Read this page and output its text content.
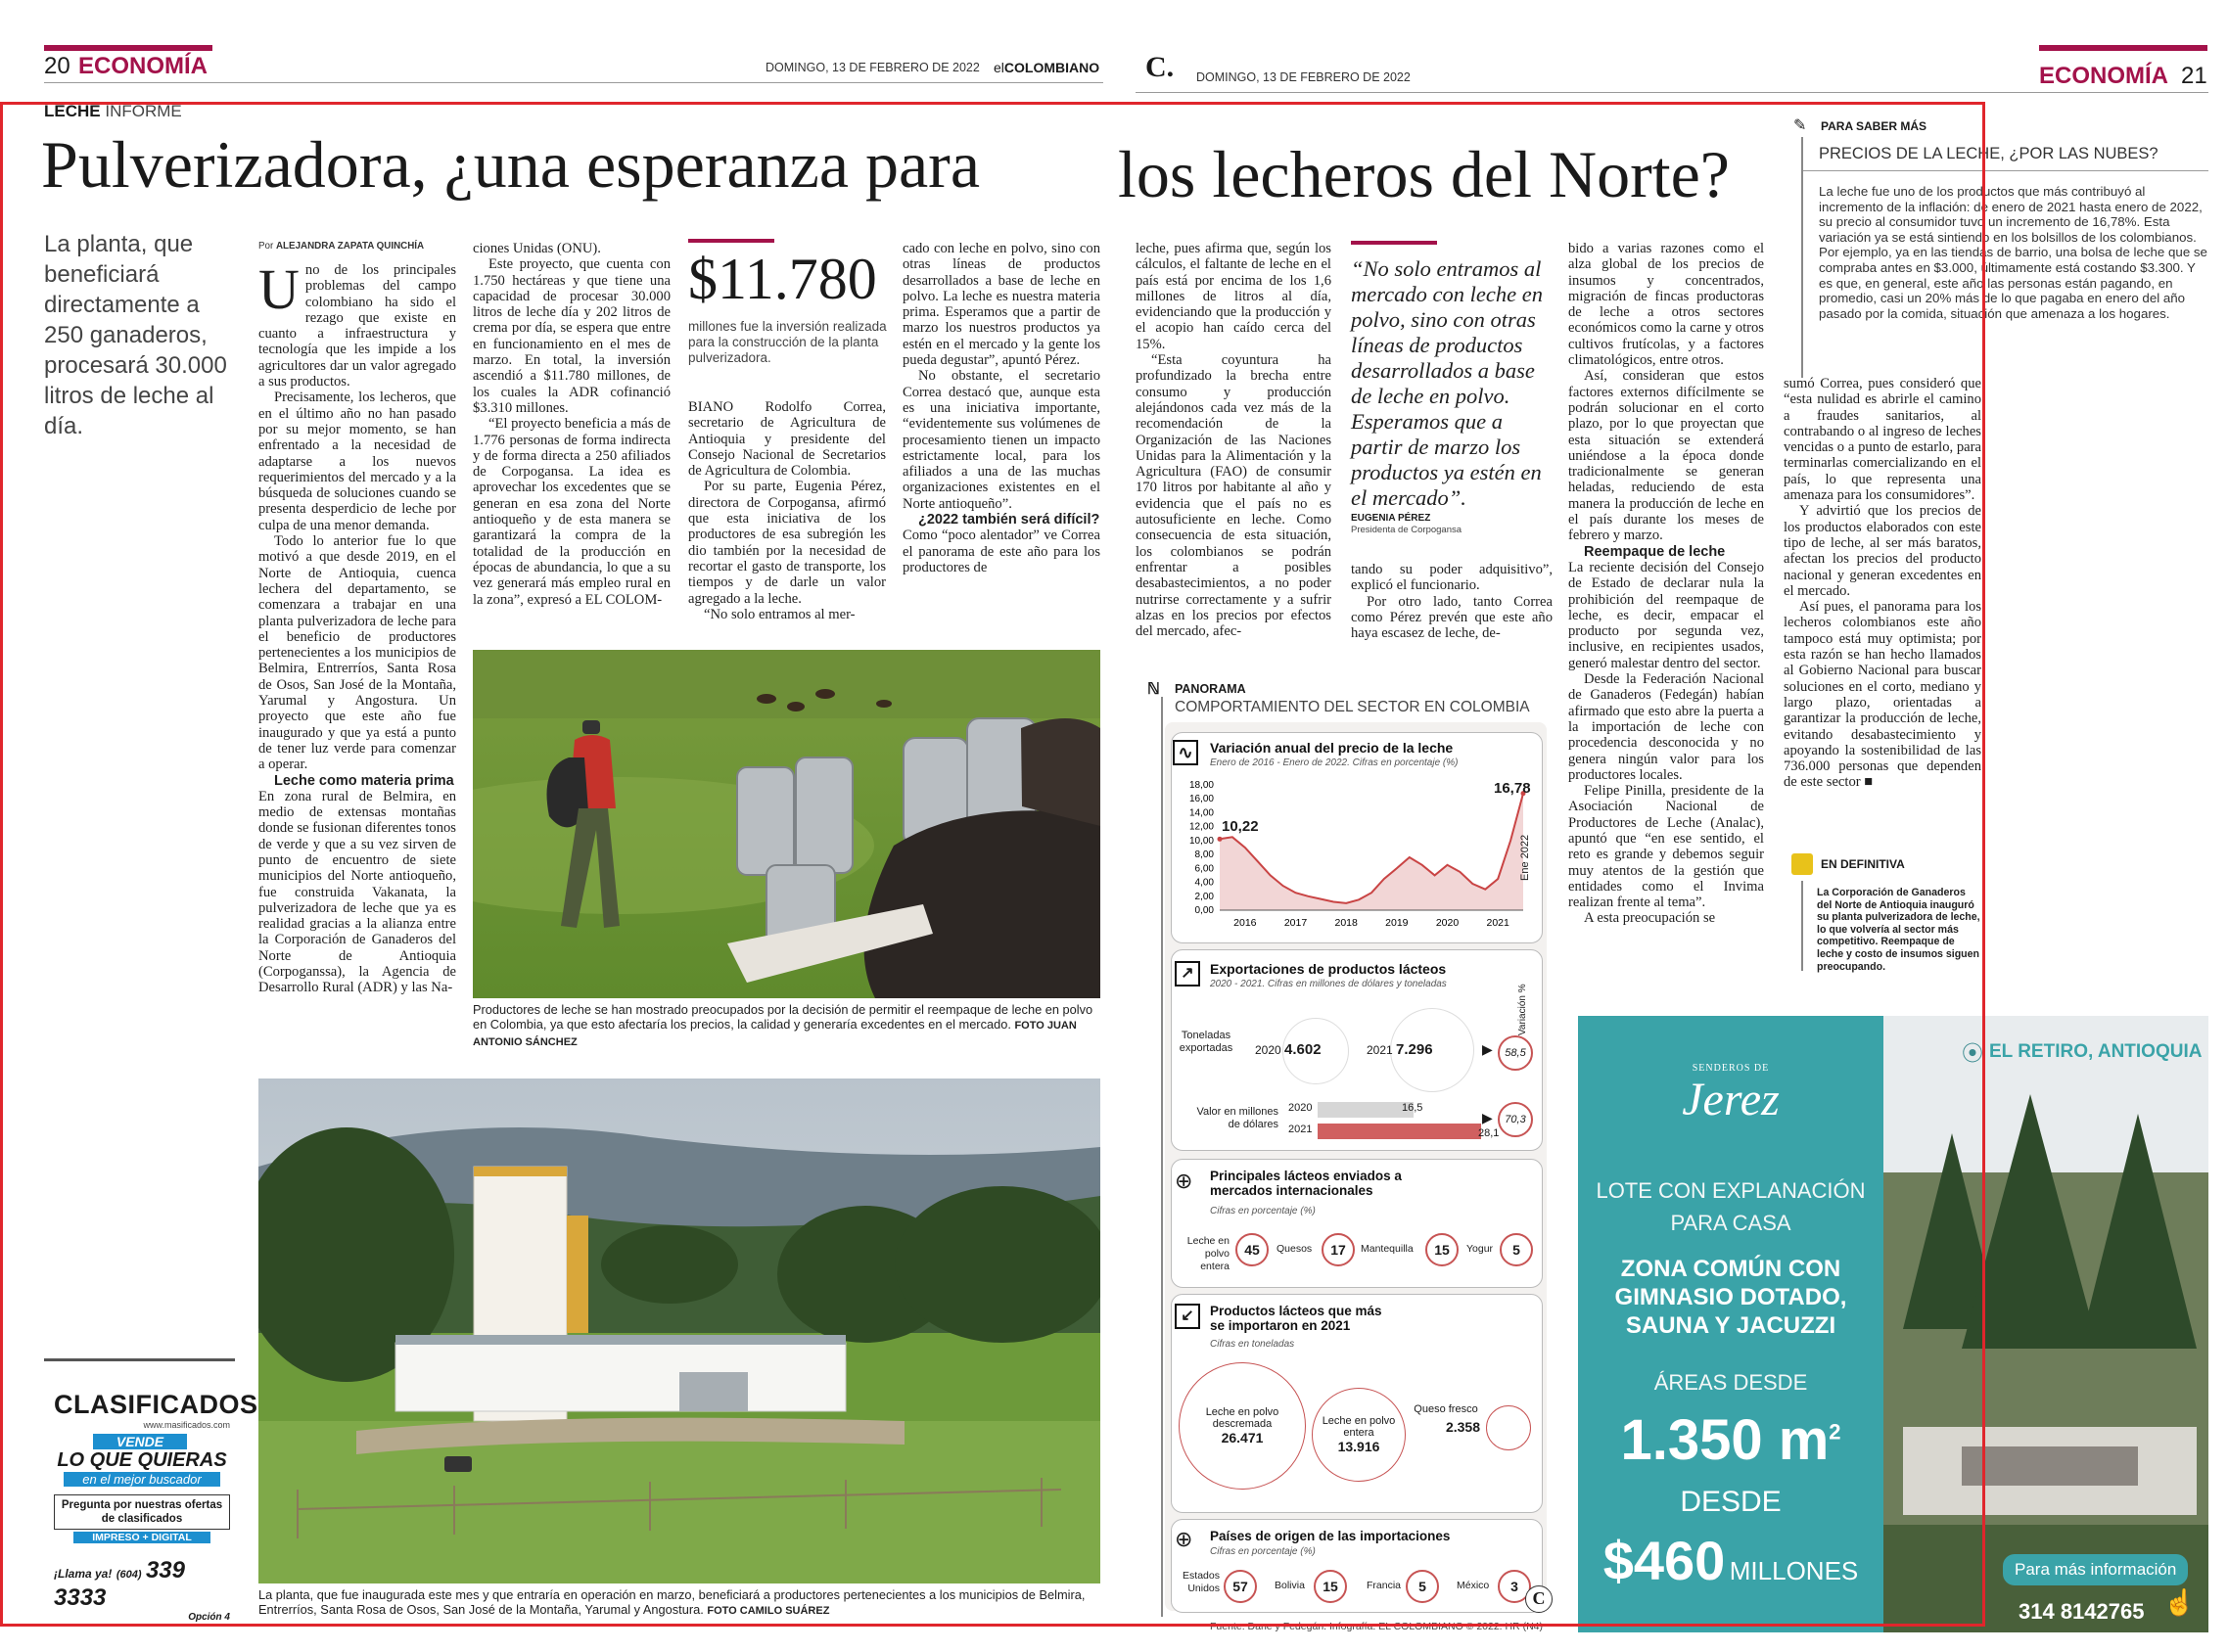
20 ECONOMÍA	DOMINGO, 13 DE FEBRERO DE 2022 elCOLOMBIANO C. DOMINGO, 13 DE FEBRERO DE 2022	ECONOMÍA 21
LECHE INFORME
Pulverizadora, ¿una esperanza para los lecheros del Norte?
La planta, que beneficiará directamente a 250 ganaderos, procesará 30.000 litros de leche al día.
Por ALEJANDRA ZAPATA QUINCHÍA

Uno de los principales problemas del campo colombiano ha sido el rezago que existe en cuanto a infraestructura y tecnología que les impide a los agricultores dar un valor agregado a sus productos.

Precisamente, los lecheros, que en el último año no han pasado por su mejor momento, se han enfrentado a la necesidad de adaptarse a los nuevos requerimientos del mercado y a la búsqueda de soluciones cuando se presenta desperdicio de leche por culpa de una menor demanda.

Todo lo anterior fue lo que motivó a que desde 2019, en el Norte de Antioquia, cuenca lechera del departamento, se comenzara a trabajar en una planta pulverizadora de leche para el beneficio de productores pertenecientes a los municipios de Belmira, Entrerríos, Santa Rosa de Osos, San José de la Montaña, Yarumal y Angostura. Un proyecto que este año fue inaugurado y que ya está a punto de tener luz verde para comenzar a operar.

Leche como materia prima

En zona rural de Belmira, en medio de extensas montañas donde se fusionan diferentes tonos de verde y que a su vez sirven de punto de encuentro de siete municipios del Norte antioqueño, fue construida Vakanata, la pulverizadora de leche que ya es realidad gracias a la alianza entre la Corporación de Ganaderos del Norte de Antioquia (Corpoganssa), la Agencia de Desarrollo Rural (ADR) y las Na-

ciones Unidas (ONU).

Este proyecto, que cuenta con 1.750 hectáreas y que tiene una capacidad de procesar 30.000 litros de leche día y 202 litros de crema por día, se espera que entre en funcionamiento en el mes de marzo. En total, la inversión ascendió a $11.780 millones, de los cuales la ADR cofinanció $3.310 millones.

“El proyecto beneficia a más de 1.776 personas de forma indirecta y de forma directa a 250 afiliados de Corpogansa. La idea es aprovechar los excedentes que se generan en esa zona del Norte antioqueño y de esta manera se garantizará la compra de la totalidad de la producción en épocas de abundancia, lo que a su vez generará más empleo rural en la zona”, expresó a EL COLOM-

$11.780
millones fue la inversión realizada para la construcción de la planta pulverizadora.

BIANO Rodolfo Correa, secretario de Agricultura de Antioquia y presidente del Consejo Nacional de Secretarios de Agricultura de Colombia.

Por su parte, Eugenia Pérez, directora de Corpogansa, afirmó que esta iniciativa de los productores de esa subregión les dio también por la necesidad de recortar el gasto de transporte, los tiempos y de darle un valor agregado a la leche.

“No solo entramos al mer-

cado con leche en polvo, sino con otras líneas de productos desarrollados a base de leche en polvo. La leche es nuestra materia prima. Esperamos que a partir de marzo los nuestros productos ya estén en el mercado y la gente los pueda degustar”, apuntó Pérez.

No obstante, el secretario Correa destacó que, aunque esta es una iniciativa importante, “evidentemente sus volúmenes de procesamiento tienen un impacto estrictamente local, para los afiliados a una de las muchas organizaciones existentes en el Norte antioqueño”.

¿2022 también será difícil?

Como “poco alentador” ve Correa el panorama de este año para los productores de

Productores de leche se han mostrado preocupados por la decisión de permitir el reempaque de leche en polvo en Colombia, ya que esto afectaría los precios, la calidad y generaría excedentes en el mercado. FOTO JUAN ANTONIO SÁNCHEZ
La planta, que fue inaugurada este mes y que entraría en operación en marzo, beneficiará a productores pertenecientes a los municipios de Belmira, Entrerríos, Santa Rosa de Osos, San José de la Montaña, Yarumal y Angostura. FOTO CAMILO SUÁREZ
CLASIFICADOS
www.masificados.com
VENDE
LO QUE QUIERAS
en el mejor buscador
Pregunta por nuestras ofertas de clasificados
IMPRESO + DIGITAL
¡Llama ya! (604) 339 3333
Opción 4

leche, pues afirma que, según los cálculos, el faltante de leche en el país está por encima de los 1,6 millones de litros al día, evidenciando que la producción y el acopio han caído cerca del 15%.

“Esta coyuntura ha profundizado la brecha entre consumo y producción alejándonos cada vez más de la recomendación de la Organización de las Naciones Unidas para la Alimentación y la Agricultura (FAO) de consumir 170 litros por habitante al año y evidencia que el país no es autosuficiente en leche. Como consecuencia de esta situación, los colombianos se podrán enfrentar a posibles desabastecimientos, a no poder nutrirse correctamente y a sufrir alzas en los precios por efectos del mercado, afec-

“No solo entramos al mercado con leche en polvo, sino con otras líneas de productos desarrollados a base de leche en polvo. Esperamos que a partir de marzo los productos ya estén en el mercado”.
EUGENIA PÉREZ
Presidenta de Corpogansa

tando su poder adquisitivo”, explicó el funcionario.

Por otro lado, tanto Correa como Pérez prevén que este año haya escasez de leche, de-

bido a varias razones como el alza global de los precios de insumos y concentrados, migración de fincas productoras de leche a otros sectores económicos como la carne y otros cultivos frutícolas, y a factores climatológicos, entre otros.

Así, consideran que estos factores externos difícilmente se podrán solucionar en el corto plazo, por lo que proyectan que esta situación se extenderá uniéndose a la época donde tradicionalmente se generan heladas, reduciendo de esta manera la producción de leche en el país durante los meses de febrero y marzo.

Reempaque de leche

La reciente decisión del Consejo de Estado de declarar nula la prohibición del reempaque de leche, es decir, empacar el producto por segunda vez, inclusive, en recipientes usados, generó malestar dentro del sector.

Desde la Federación Nacional de Ganaderos (Fedegán) habían afirmado que esto abre la puerta a la importación de leche con procedencia desconocida y no genera ningún valor para los productores locales.

Felipe Pinilla, presidente de la Asociación Nacional de Productores de Leche (Analac), apuntó que “en ese sentido, el reto es grande y debemos seguir muy atentos de la gestión que entidades como el Invima realizan frente al tema”.

A esta preocupación se

✎ PARA SABER MÁS
PRECIOS DE LA LECHE, ¿POR LAS NUBES?
La leche fue uno de los productos que más contribuyó al incremento de la inflación: de enero de 2021 hasta enero de 2022, su precio al consumidor tuvo un incremento de 16,78%. Esta variación ya se está sintiendo en los bolsillos de los colombianos. Por ejemplo, ya en las tiendas de barrio, una bolsa de leche que se compraba antes en $3.000, últimamente está costando $3.300. Y es que, en general, este año las personas están pagando, en promedio, casi un 20% más de lo que pagaba en enero del año pasado por la comida, situación que amenaza a los hogares.

sumó Correa, pues consideró que “esta nulidad es abrirle el camino a fraudes sanitarios, al contrabando o al ingreso de leches vencidas o a punto de estarlo, para terminarlas comercializando en el país, lo que representa una amenaza para los consumidores”.

Y advirtió que los precios de los productos elaborados con este tipo de leche, al ser más baratos, afectan los precios del producto nacional y generan excedentes en el mercado.

Así pues, el panorama para los lecheros colombianos este año tampoco está muy optimista; por esta razón se han hecho llamados al Gobierno Nacional para buscar soluciones en el corto, mediano y largo plazo, orientadas a garantizar la producción de leche, evitando desabastecimiento y apoyando la sostenibilidad de las 736.000 personas que dependen de este sector ■

EN DEFINITIVA
La Corporación de Ganaderos del Norte de Antioquia inauguró su planta pulverizadora de leche, lo que volvería al sector más competitivo. Reempaque de leche y costo de insumos siguen preocupando.
ℕ PANORAMA
COMPORTAMIENTO DEL SECTOR EN COLOMBIA
∿	Variación anual del precio de la leche
Enero de 2016 - Enero de 2022. Cifras en porcentaje (%)
18,00
16,00
14,00
12,00
10,00
8,00
6,00
4,00
2,00
0,00
2016	2017	2018	2019	2020	2021
10,22
16,78
Ene 2022
↗	Exportaciones de productos lácteos
2020 - 2021. Cifras en millones de dólares y toneladas	Variación %
Toneladas exportadas	2020 4.602	2021 7.296	▶	58,5
Valor en millones de dólares
2020
2021
16,5
28,1
▶	70,3
⊕ Principales lácteos enviados a mercados internacionales
Cifras en porcentaje (%)
Leche en polvo entera
45	Quesos	17	Mantequilla	15	Yogur	5
↙	Productos lácteos que más se importaron en 2021
Cifras en toneladas
Leche en polvo descremada
26.471
Leche en polvo entera
13.916
Queso fresco
2.358
⊕ Países de origen de las importaciones
Cifras en porcentaje (%)
Estados Unidos 57	Bolivia	15	Francia	5	México	3
C
Fuente: Dane y Fedegán. Infografía: EL COLOMBIANO © 2022. HR (N4)
⦿ EL RETIRO, ANTIOQUIA
SENDEROS DE
Jerez
LOTE CON EXPLANACIÓN PARA CASA
ZONA COMÚN CON GIMNASIO DOTADO, SAUNA Y JACUZZI
ÁREAS DESDE
1.350 $m^2$
DESDE
$460 MILLONES	Para más información
314 8142765 ☝
